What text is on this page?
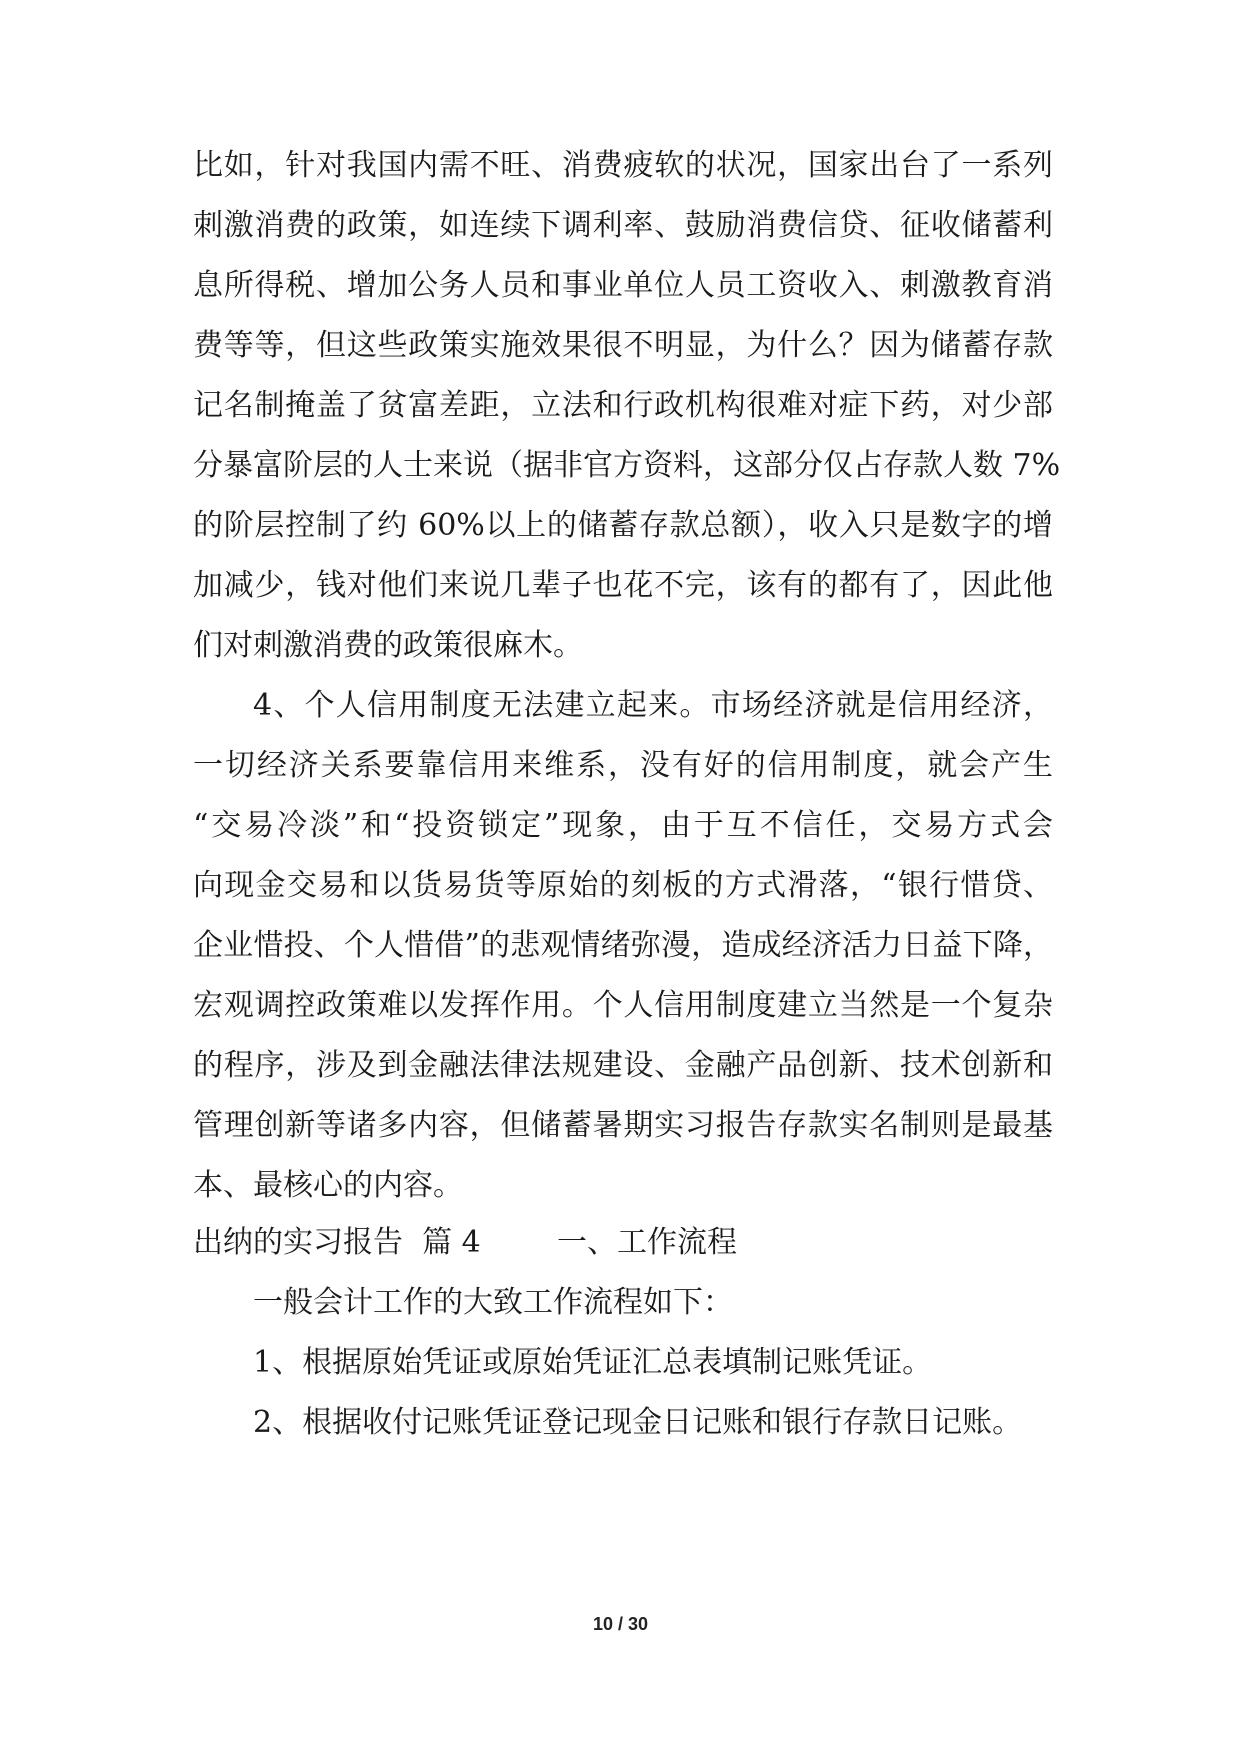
比如，针对我国内需不旺、消费疲软的状况，国家出台了一系列
刺激消费的政策，如连续下调利率、鼓励消费信贷、征收储蓄利
息所得税、增加公务人员和事业单位人员工资收入、刺激教育消
费等等，但这些政策实施效果很不明显，为什么？因为储蓄存款
记名制掩盖了贫富差距，立法和行政机构很难对症下药，对少部
分暴富阶层的人士来说（据非官方资料，这部分仅占存款人数 7%
的阶层控制了约 60%以上的储蓄存款总额），收入只是数字的增
加减少，钱对他们来说几辈子也花不完，该有的都有了，因此他
们对刺激消费的政策很麻木。
4、个人信用制度无法建立起来。市场经济就是信用经济，
一切经济关系要靠信用来维系，没有好的信用制度，就会产生
“交易冷淡”和“投资锁定”现象，由于互不信任，交易方式会
向现金交易和以货易货等原始的刻板的方式滑落，“银行惜贷、
企业惜投、个人惜借”的悲观情绪弥漫，造成经济活力日益下降，
宏观调控政策难以发挥作用。个人信用制度建立当然是一个复杂
的程序，涉及到金融法律法规建设、金融产品创新、技术创新和
管理创新等诸多内容，但储蓄暑期实习报告存款实名制则是最基
本、最核心的内容。
出纳的实习报告  篇 4        一、工作流程
一般会计工作的大致工作流程如下：
1、根据原始凭证或原始凭证汇总表填制记账凭证。
2、根据收付记账凭证登记现金日记账和银行存款日记账。
10 / 30
